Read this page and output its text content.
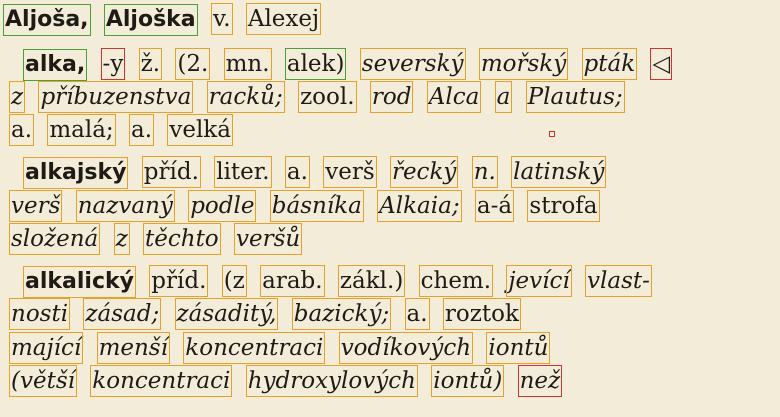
Aljoša, Aljoška v. Alexej
alka, -y ž. (2. mn. alek) severský mořský pták ◁
z příbuzenstva racků; zool. rod Alca a Plautus;
a. malá; a. velká
alkajský příd. liter. a. verš řecký n. latinský
verš nazvaný podle básníka Alkaia; a-á strofa
složená z těchto veršů
alkalický příd. (z arab. zákl.) chem. jevící vlast-
nosti zásad; zásaditý, bazický; a. roztok
mající menší koncentraci vodíkových iontů
(větší koncentraci hydroxylových iontů) než
